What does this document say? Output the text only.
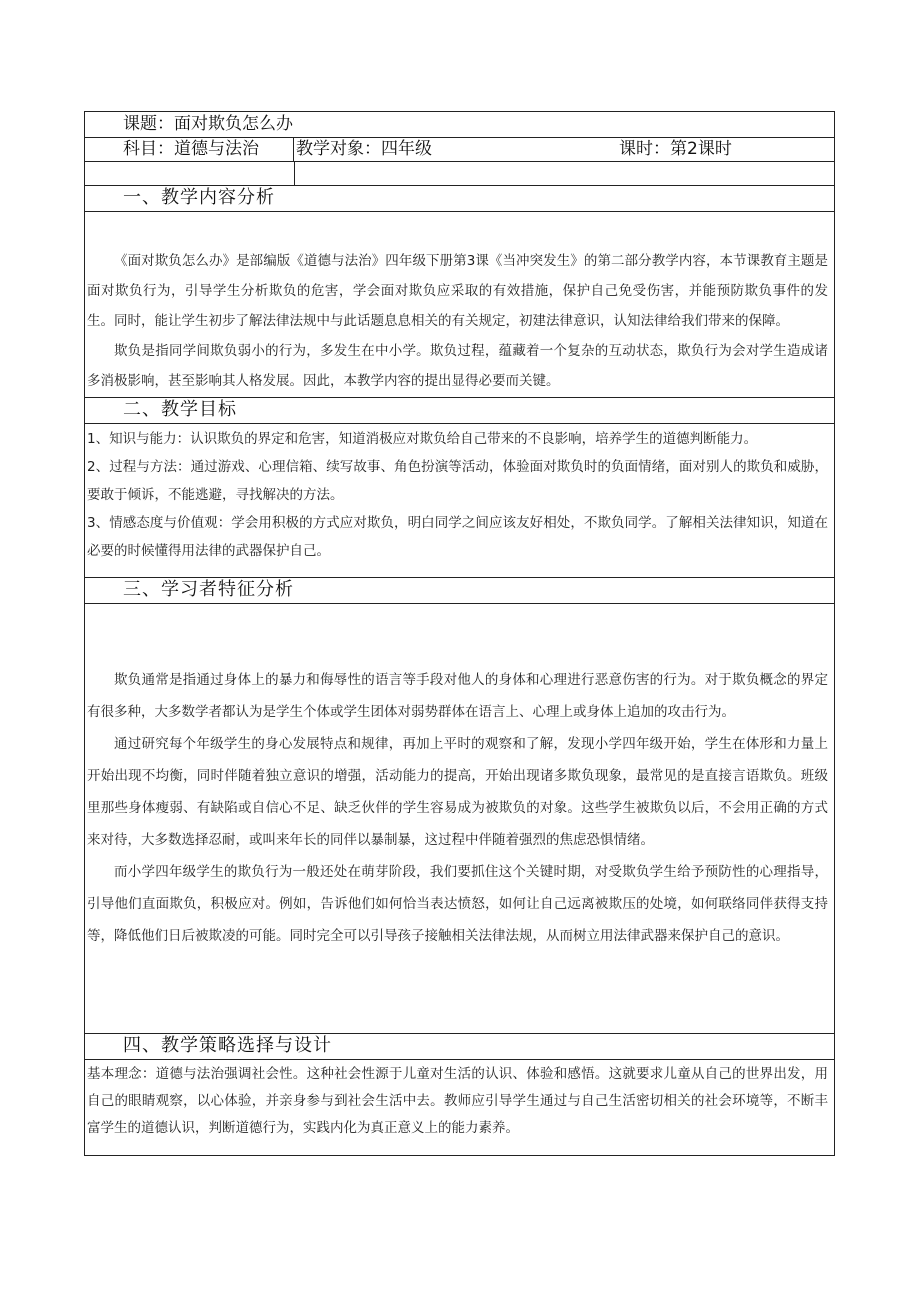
课题：面对欺负怎么办
科目：道德与法治	教学对象：四年级	课时：第2课时
一、教学内容分析

《面对欺负怎么办》是部编版《道德与法治》四年级下册第3课《当冲突发生》的第二部分教学内容，本节课教育主题是面对欺负行为，引导学生分析欺负的危害，学会面对欺负应采取的有效措施，保护自己免受伤害，并能预防欺负事件的发生。同时，能让学生初步了解法律法规中与此话题息息相关的有关规定，初建法律意识，认知法律给我们带来的保障。

欺负是指同学间欺负弱小的行为，多发生在中小学。欺负过程，蕴藏着一个复杂的互动状态，欺负行为会对学生造成诸多消极影响，甚至影响其人格发展。因此，本教学内容的提出显得必要而关键。

二、教学目标

1、知识与能力：认识欺负的界定和危害，知道消极应对欺负给自己带来的不良影响，培养学生的道德判断能力。

2、过程与方法：通过游戏、心理信箱、续写故事、角色扮演等活动，体验面对欺负时的负面情绪，面对别人的欺负和威胁，要敢于倾诉，不能逃避，寻找解决的方法。

3、情感态度与价值观：学会用积极的方式应对欺负，明白同学之间应该友好相处，不欺负同学。了解相关法律知识，知道在必要的时候懂得用法律的武器保护自己。

三、学习者特征分析

欺负通常是指通过身体上的暴力和侮辱性的语言等手段对他人的身体和心理进行恶意伤害的行为。对于欺负概念的界定有很多种，大多数学者都认为是学生个体或学生团体对弱势群体在语言上、心理上或身体上追加的攻击行为。

通过研究每个年级学生的身心发展特点和规律，再加上平时的观察和了解，发现小学四年级开始，学生在体形和力量上开始出现不均衡，同时伴随着独立意识的增强，活动能力的提高，开始出现诸多欺负现象，最常见的是直接言语欺负。班级里那些身体瘦弱、有缺陷或自信心不足、缺乏伙伴的学生容易成为被欺负的对象。这些学生被欺负以后，不会用正确的方式来对待，大多数选择忍耐，或叫来年长的同伴以暴制暴，这过程中伴随着强烈的焦虑恐惧情绪。

而小学四年级学生的欺负行为一般还处在萌芽阶段，我们要抓住这个关键时期，对受欺负学生给予预防性的心理指导，引导他们直面欺负，积极应对。例如，告诉他们如何恰当表达愤怒，如何让自己远离被欺压的处境，如何联络同伴获得支持等，降低他们日后被欺凌的可能。同时完全可以引导孩子接触相关法律法规，从而树立用法律武器来保护自己的意识。

四、教学策略选择与设计

基本理念：道德与法治强调社会性。这种社会性源于儿童对生活的认识、体验和感悟。这就要求儿童从自己的世界出发，用自己的眼睛观察，以心体验，并亲身参与到社会生活中去。教师应引导学生通过与自己生活密切相关的社会环境等，不断丰富学生的道德认识，判断道德行为，实践内化为真正意义上的能力素养。
